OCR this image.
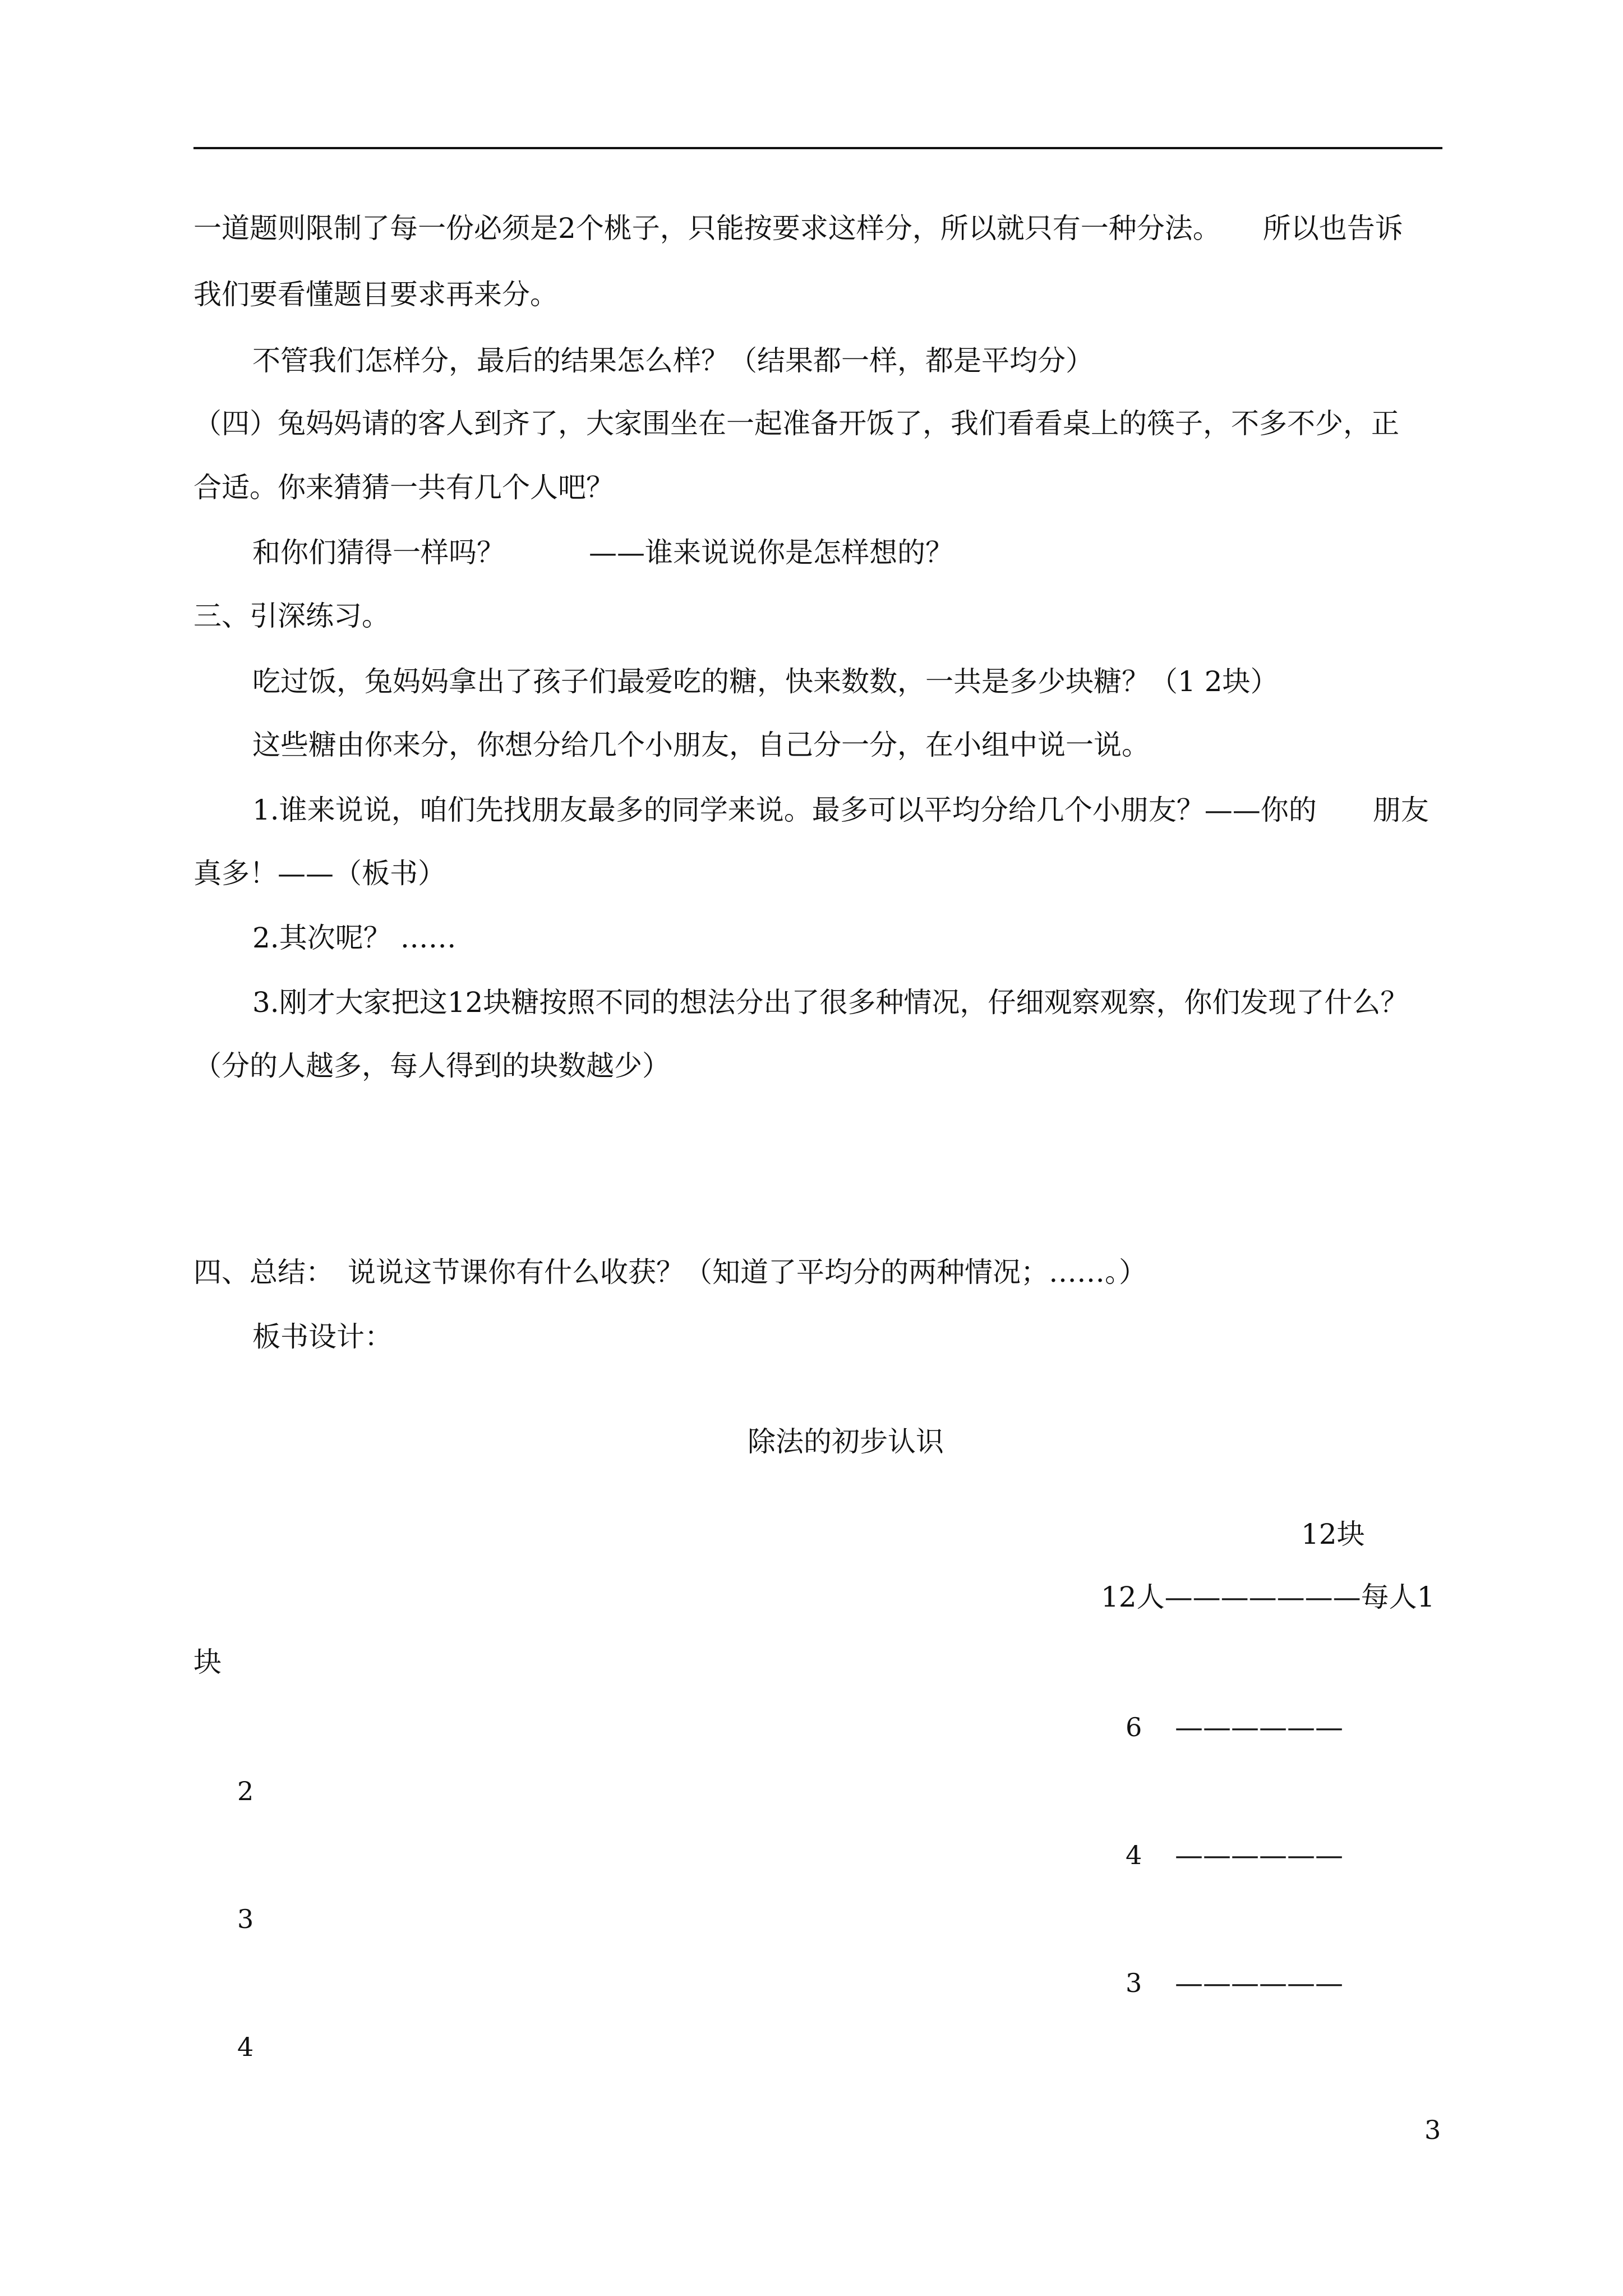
一道题则限制了每一份必须是2个桃子，只能按要求这样分，所以就只有一种分法。　　所以也告诉
我们要看懂题目要求再来分。
不管我们怎样分，最后的结果怎么样？（结果都一样，都是平均分）
（四）兔妈妈请的客人到齐了，大家围坐在一起准备开饭了，我们看看桌上的筷子，不多不少，正
合适。你来猜猜一共有几个人吧？
和你们猜得一样吗？　　　——谁来说说你是怎样想的？
三、引深练习。
吃过饭，兔妈妈拿出了孩子们最爱吃的糖，快来数数，一共是多少块糖？（1 2块）
这些糖由你来分，你想分给几个小朋友，自己分一分，在小组中说一说。
1.谁来说说，咱们先找朋友最多的同学来说。最多可以平均分给几个小朋友？——你的　　朋友
真多！——（板书）
2.其次呢？ ……
3.刚才大家把这12块糖按照不同的想法分出了很多种情况，仔细观察观察，你们发现了什么？
（分的人越多，每人得到的块数越少）
四、总结：　说说这节课你有什么收获？（知道了平均分的两种情况；……。）
板书设计：
除法的初步认识
12块
12人———————每人1
块
6 ——————
2
4 ——————
3
3 ——————
4
3
